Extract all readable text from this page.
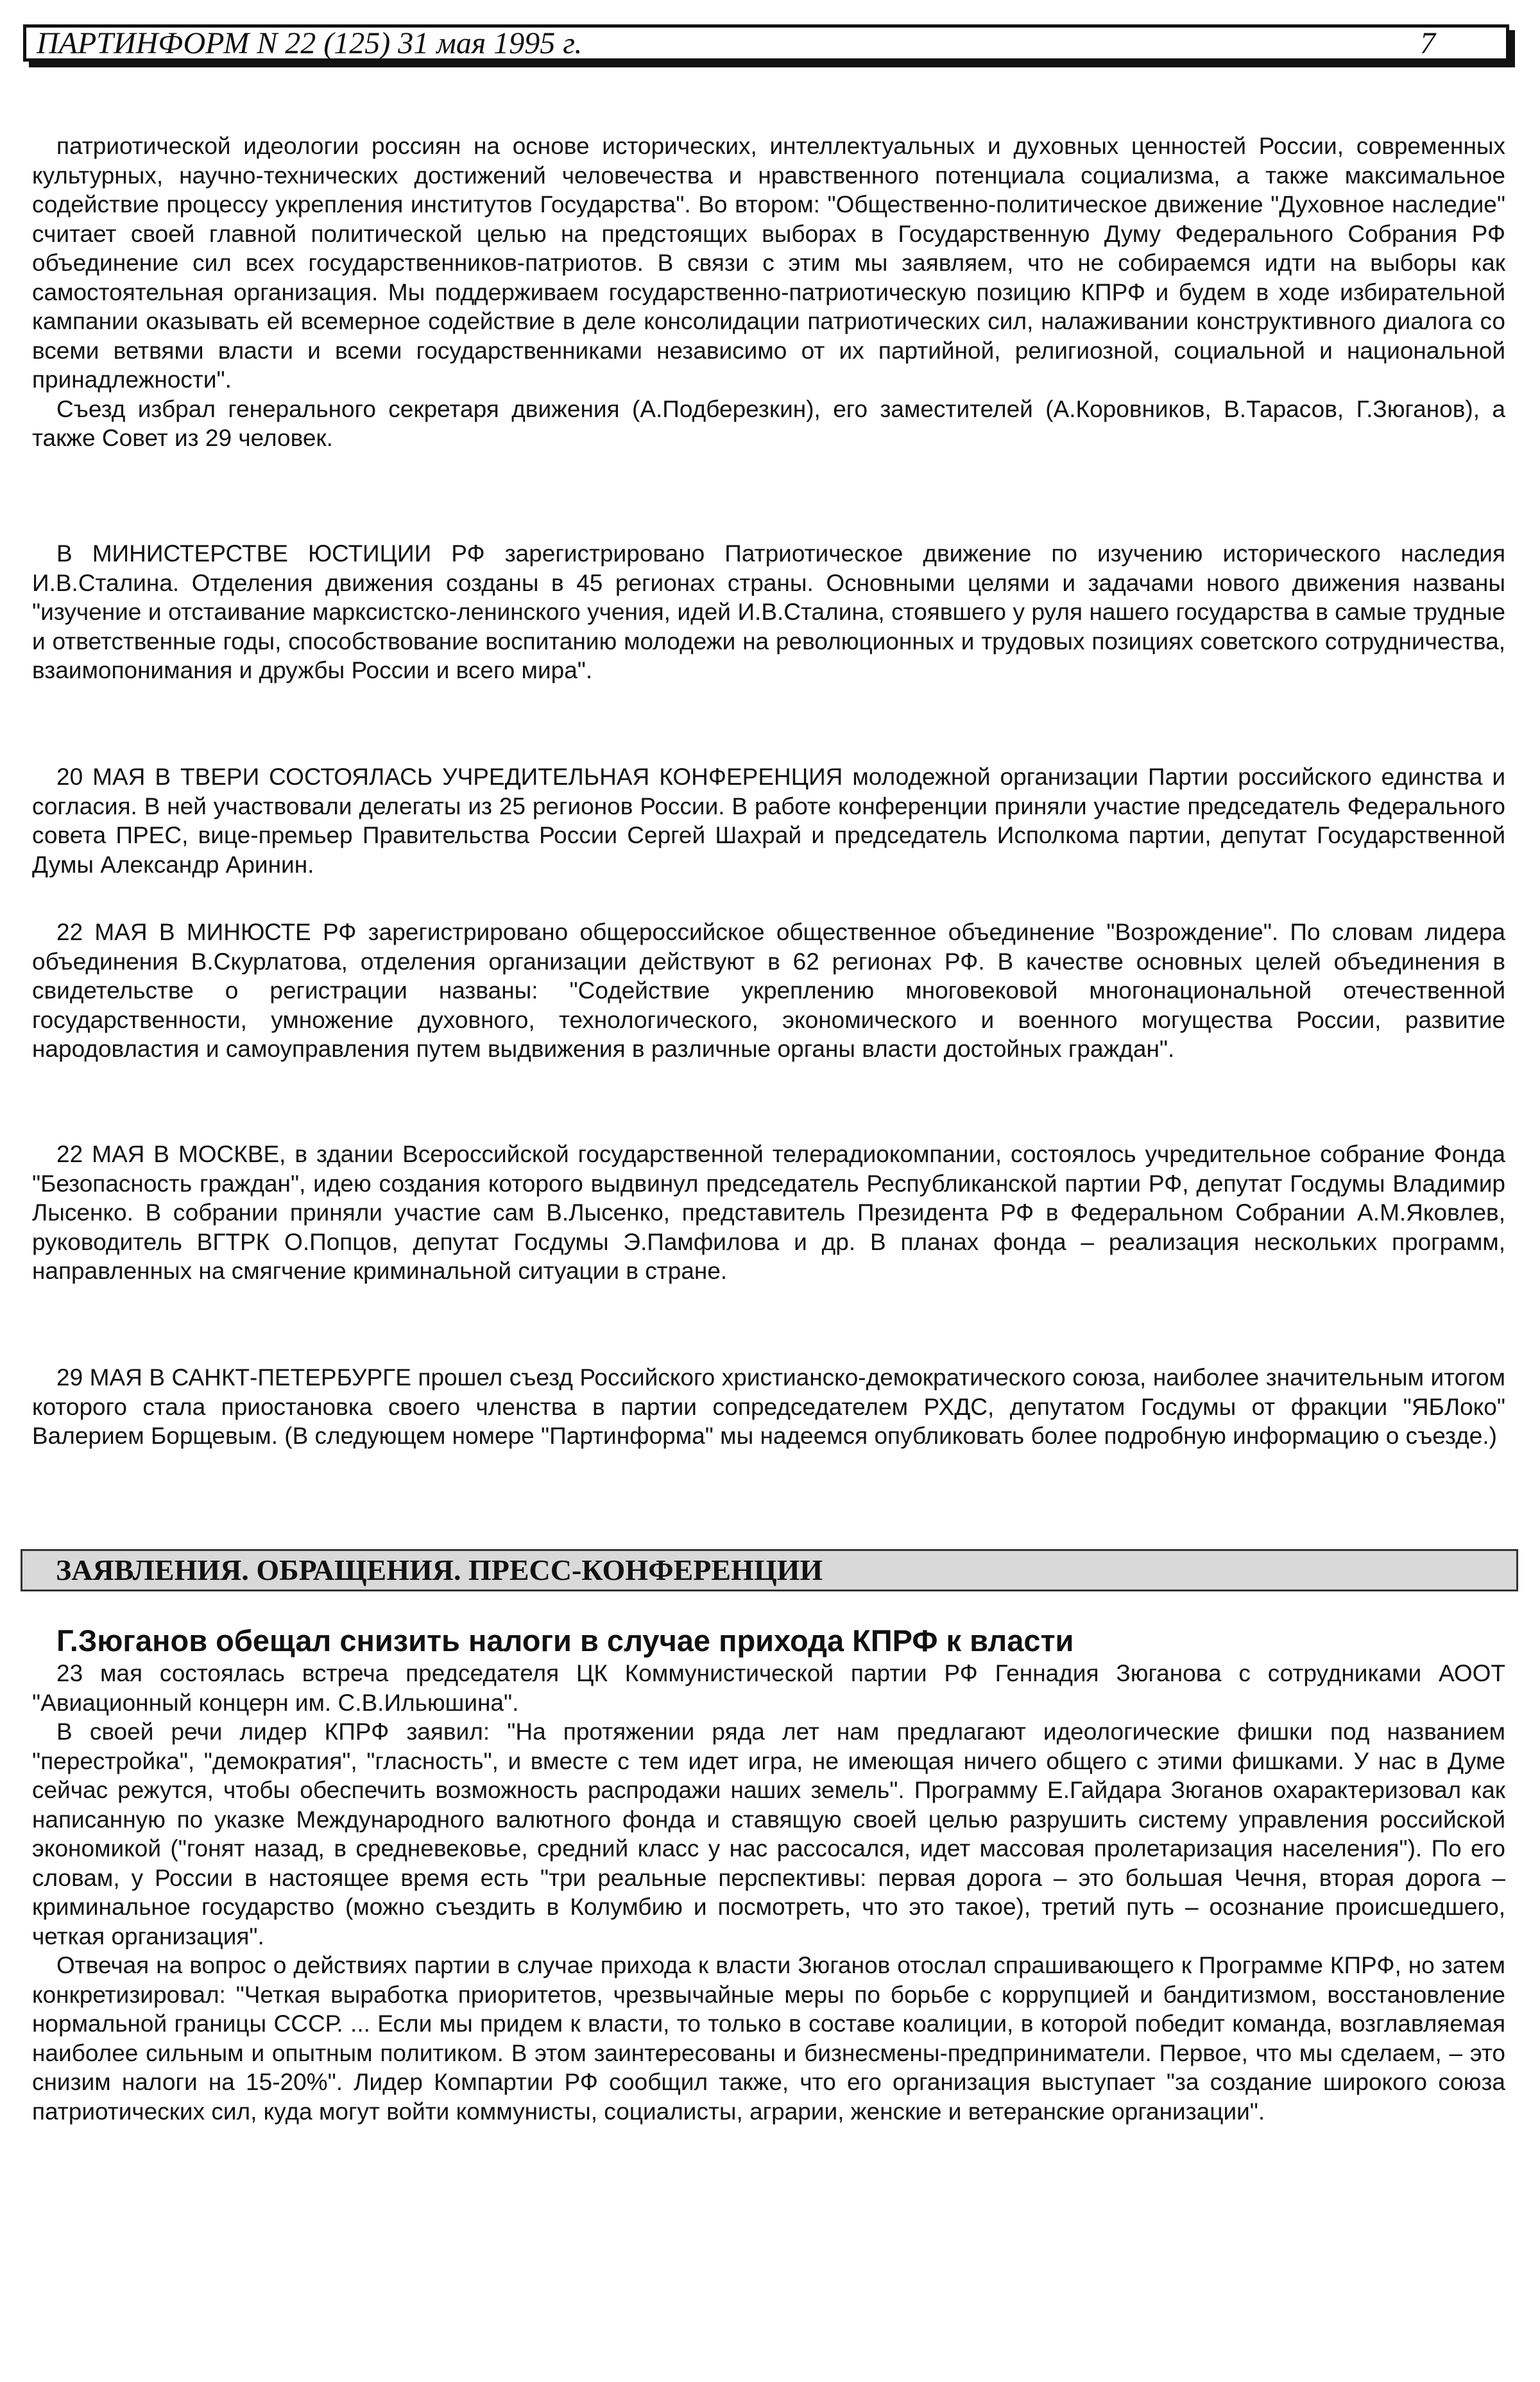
ПАРТИНФОРМ N 22 (125) 31 мая 1995 г.	7

патриотической идеологии россиян на основе исторических, интеллектуальных и духовных ценностей России, современных культурных, научно-технических достижений человечества и нравственного потенциала социализма, а также максимальное содействие процессу укрепления институтов Государства". Во втором: "Общественно-политическое движение "Духовное наследие" считает своей главной политической целью на предстоящих выборах в Государственную Думу Федерального Собрания РФ объединение сил всех государственников-патриотов. В связи с этим мы заявляем, что не собираемся идти на выборы как самостоятельная организация. Мы поддерживаем государственно-патриотическую позицию КПРФ и будем в ходе избирательной кампании оказывать ей всемерное содействие в деле консолидации патриотических сил, налаживании конструктивного диалога со всеми ветвями власти и всеми государственниками независимо от их партийной, религиозной, социальной и национальной принадлежности".

Съезд избрал генерального секретаря движения (А.Подберезкин), его заместителей (А.Коровников, В.Тарасов, Г.Зюганов), а также Совет из 29 человек.

В МИНИСТЕРСТВЕ ЮСТИЦИИ РФ зарегистрировано Патриотическое движение по изучению исторического наследия И.В.Сталина. Отделения движения созданы в 45 регионах страны. Основными целями и задачами нового движения названы "изучение и отстаивание марксистско-ленинского учения, идей И.В.Сталина, стоявшего у руля нашего государства в самые трудные и ответственные годы, способствование воспитанию молодежи на революционных и трудовых позициях советского сотрудничества, взаимопонимания и дружбы России и всего мира".

20 МАЯ В ТВЕРИ СОСТОЯЛАСЬ УЧРЕДИТЕЛЬНАЯ КОНФЕРЕНЦИЯ молодежной организации Партии российского единства и согласия. В ней участвовали делегаты из 25 регионов России. В работе конференции приняли участие председатель Федерального совета ПРЕС, вице-премьер Правительства России Сергей Шахрай и председатель Исполкома партии, депутат Государственной Думы Александр Аринин.

22 МАЯ В МИНЮСТЕ РФ зарегистрировано общероссийское общественное объединение "Возрождение". По словам лидера объединения В.Скурлатова, отделения организации действуют в 62 регионах РФ. В качестве основных целей объединения в свидетельстве о регистрации названы: "Содействие укреплению многовековой многонациональной отечественной государственности, умножение духовного, технологического, экономического и военного могущества России, развитие народовластия и самоуправления путем выдвижения в различные органы власти достойных граждан".

22 МАЯ В МОСКВЕ, в здании Всероссийской государственной телерадиокомпании, состоялось учредительное собрание Фонда "Безопасность граждан", идею создания которого выдвинул председатель Республиканской партии РФ, депутат Госдумы Владимир Лысенко. В собрании приняли участие сам В.Лысенко, представитель Президента РФ в Федеральном Собрании А.М.Яковлев, руководитель ВГТРК О.Попцов, депутат Госдумы Э.Памфилова и др. В планах фонда – реализация нескольких программ, направленных на смягчение криминальной ситуации в стране.

29 МАЯ В САНКТ-ПЕТЕРБУРГЕ прошел съезд Российского христианско-демократического союза, наиболее значительным итогом которого стала приостановка своего членства в партии сопредседателем РХДС, депутатом Госдумы от фракции "ЯБЛоко" Валерием Борщевым. (В следующем номере "Партинформа" мы надеемся опубликовать более подробную информацию о съезде.)

ЗАЯВЛЕНИЯ. ОБРАЩЕНИЯ. ПРЕСС-КОНФЕРЕНЦИИ
Г.Зюганов обещал снизить налоги в случае прихода КПРФ к власти

23 мая состоялась встреча председателя ЦК Коммунистической партии РФ Геннадия Зюганова с сотрудниками АООТ "Авиационный концерн им. С.В.Ильюшина".

В своей речи лидер КПРФ заявил: "На протяжении ряда лет нам предлагают идеологические фишки под названием "перестройка", "демократия", "гласность", и вместе с тем идет игра, не имеющая ничего общего с этими фишками. У нас в Думе сейчас режутся, чтобы обеспечить возможность распродажи наших земель". Программу Е.Гайдара Зюганов охарактеризовал как написанную по указке Международного валютного фонда и ставящую своей целью разрушить систему управления российской экономикой ("гонят назад, в средневековье, средний класс у нас рассосался, идет массовая пролетаризация населения"). По его словам, у России в настоящее время есть "три реальные перспективы: первая дорога – это большая Чечня, вторая дорога – криминальное государство (можно съездить в Колумбию и посмотреть, что это такое), третий путь – осознание происшедшего, четкая организация".

Отвечая на вопрос о действиях партии в случае прихода к власти Зюганов отослал спрашивающего к Программе КПРФ, но затем конкретизировал: "Четкая выработка приоритетов, чрезвычайные меры по борьбе с коррупцией и бандитизмом, восстановление нормальной границы СССР. ... Если мы придем к власти, то только в составе коалиции, в которой победит команда, возглавляемая наиболее сильным и опытным политиком. В этом заинтересованы и бизнесмены-предприниматели. Первое, что мы сделаем, – это снизим налоги на 15-20%". Лидер Компартии РФ сообщил также, что его организация выступает "за создание широкого союза патриотических сил, куда могут войти коммунисты, социалисты, аграрии, женские и ветеранские организации".
